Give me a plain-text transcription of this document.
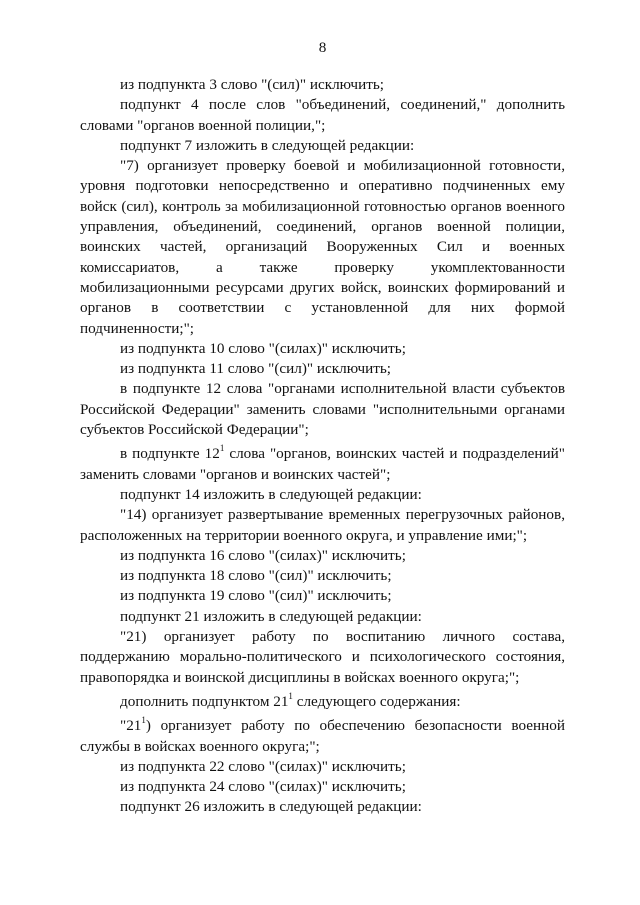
8

из подпункта 3 слово "(сил)" исключить;

подпункт 4 после слов "объединений, соединений," дополнить словами "органов военной полиции,";

подпункт 7 изложить в следующей редакции:

"7) организует проверку боевой и мобилизационной готовности, уровня подготовки непосредственно и оперативно подчиненных ему войск (сил), контроль за мобилизационной готовностью органов военного управления, объединений, соединений, органов военной полиции, воинских частей, организаций Вооруженных Сил и военных комиссариатов, а также проверку укомплектованности мобилизационными ресурсами других войск, воинских формирований и органов в соответствии с установленной для них формой подчиненности;";

из подпункта 10 слово "(силах)" исключить;

из подпункта 11 слово "(сил)" исключить;

в подпункте 12 слова "органами исполнительной власти субъектов Российской Федерации" заменить словами "исполнительными органами субъектов Российской Федерации";

в подпункте $12^1$ слова "органов, воинских частей и подразделений" заменить словами "органов и воинских частей";

подпункт 14 изложить в следующей редакции:

"14) организует развертывание временных перегрузочных районов, расположенных на территории военного округа, и управление ими;";

из подпункта 16 слово "(силах)" исключить;

из подпункта 18 слово "(сил)" исключить;

из подпункта 19 слово "(сил)" исключить;

подпункт 21 изложить в следующей редакции:

"21) организует работу по воспитанию личного состава, поддержанию морально-политического и психологического состояния, правопорядка и воинской дисциплины в войсках военного округа;";

дополнить подпунктом $21^1$ следующего содержания:

"$21^1$) организует работу по обеспечению безопасности военной службы в войсках военного округа;";

из подпункта 22 слово "(силах)" исключить;

из подпункта 24 слово "(силах)" исключить;

подпункт 26 изложить в следующей редакции:
